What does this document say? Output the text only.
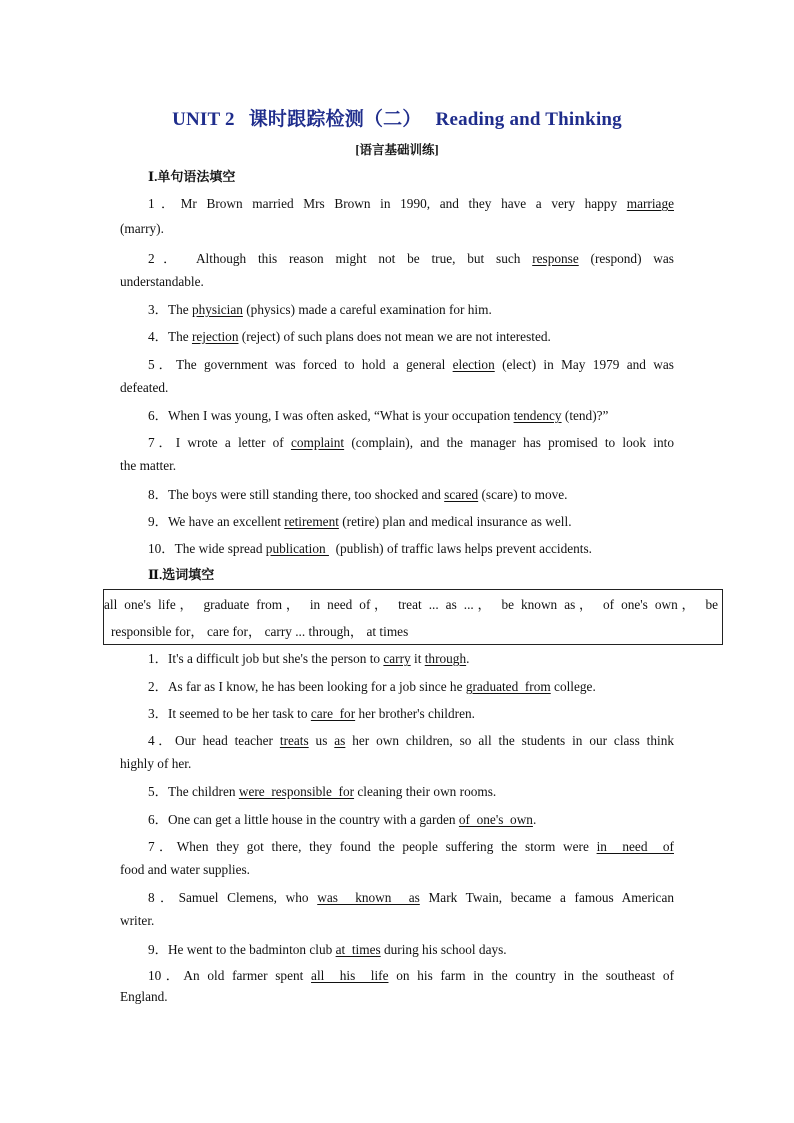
UNIT 2 课时跟踪检测（二） Reading and Thinking
[语言基础训练]
Ⅰ.单句语法填空
1．Mr Brown married Mrs Brown in 1990, and they have a very happy marriage
(marry).
2． Although this reason might not be true, but such response (respond) was
understandable.
3．The physician (physics) made a careful examination for him.
4．The rejection (reject) of such plans does not mean we are not interested.
5．The government was forced to hold a general election (elect) in May 1979 and was
defeated.
6．When I was young, I was often asked, “What is your occupation tendency (tend)?”
7．I wrote a letter of complaint (complain), and the manager has promised to look into
the matter.
8．The boys were still standing there, too shocked and scared (scare) to move.
9．We have an excellent retirement (retire) plan and medical insurance as well.
10．The wide spread publication   (publish) of traffic laws helps prevent accidents.
Ⅱ.选词填空
all one's life， graduate from， in need of， treat ... as ...， be known as， of one's own， be
responsible for， care for， carry ... through， at times
1．It's a difficult job but she's the person to carry it through.
2．As far as I know, he has been looking for a job since he graduated  from college.
3．It seemed to be her task to care  for her brother's children.
4．Our head teacher treats us as her own children, so all the students in our class think
highly of her.
5．The children were  responsible  for cleaning their own rooms.
6．One can get a little house in the country with a garden of  one's  own.
7．When they got there, they found the people suffering the storm were in  need  of
food and water supplies.
8．Samuel Clemens, who was  known  as Mark Twain, became a famous American
writer.
9．He went to the badminton club at  times during his school days.
10．An old farmer spent all  his  life on his farm in the country in the southeast of
England.
